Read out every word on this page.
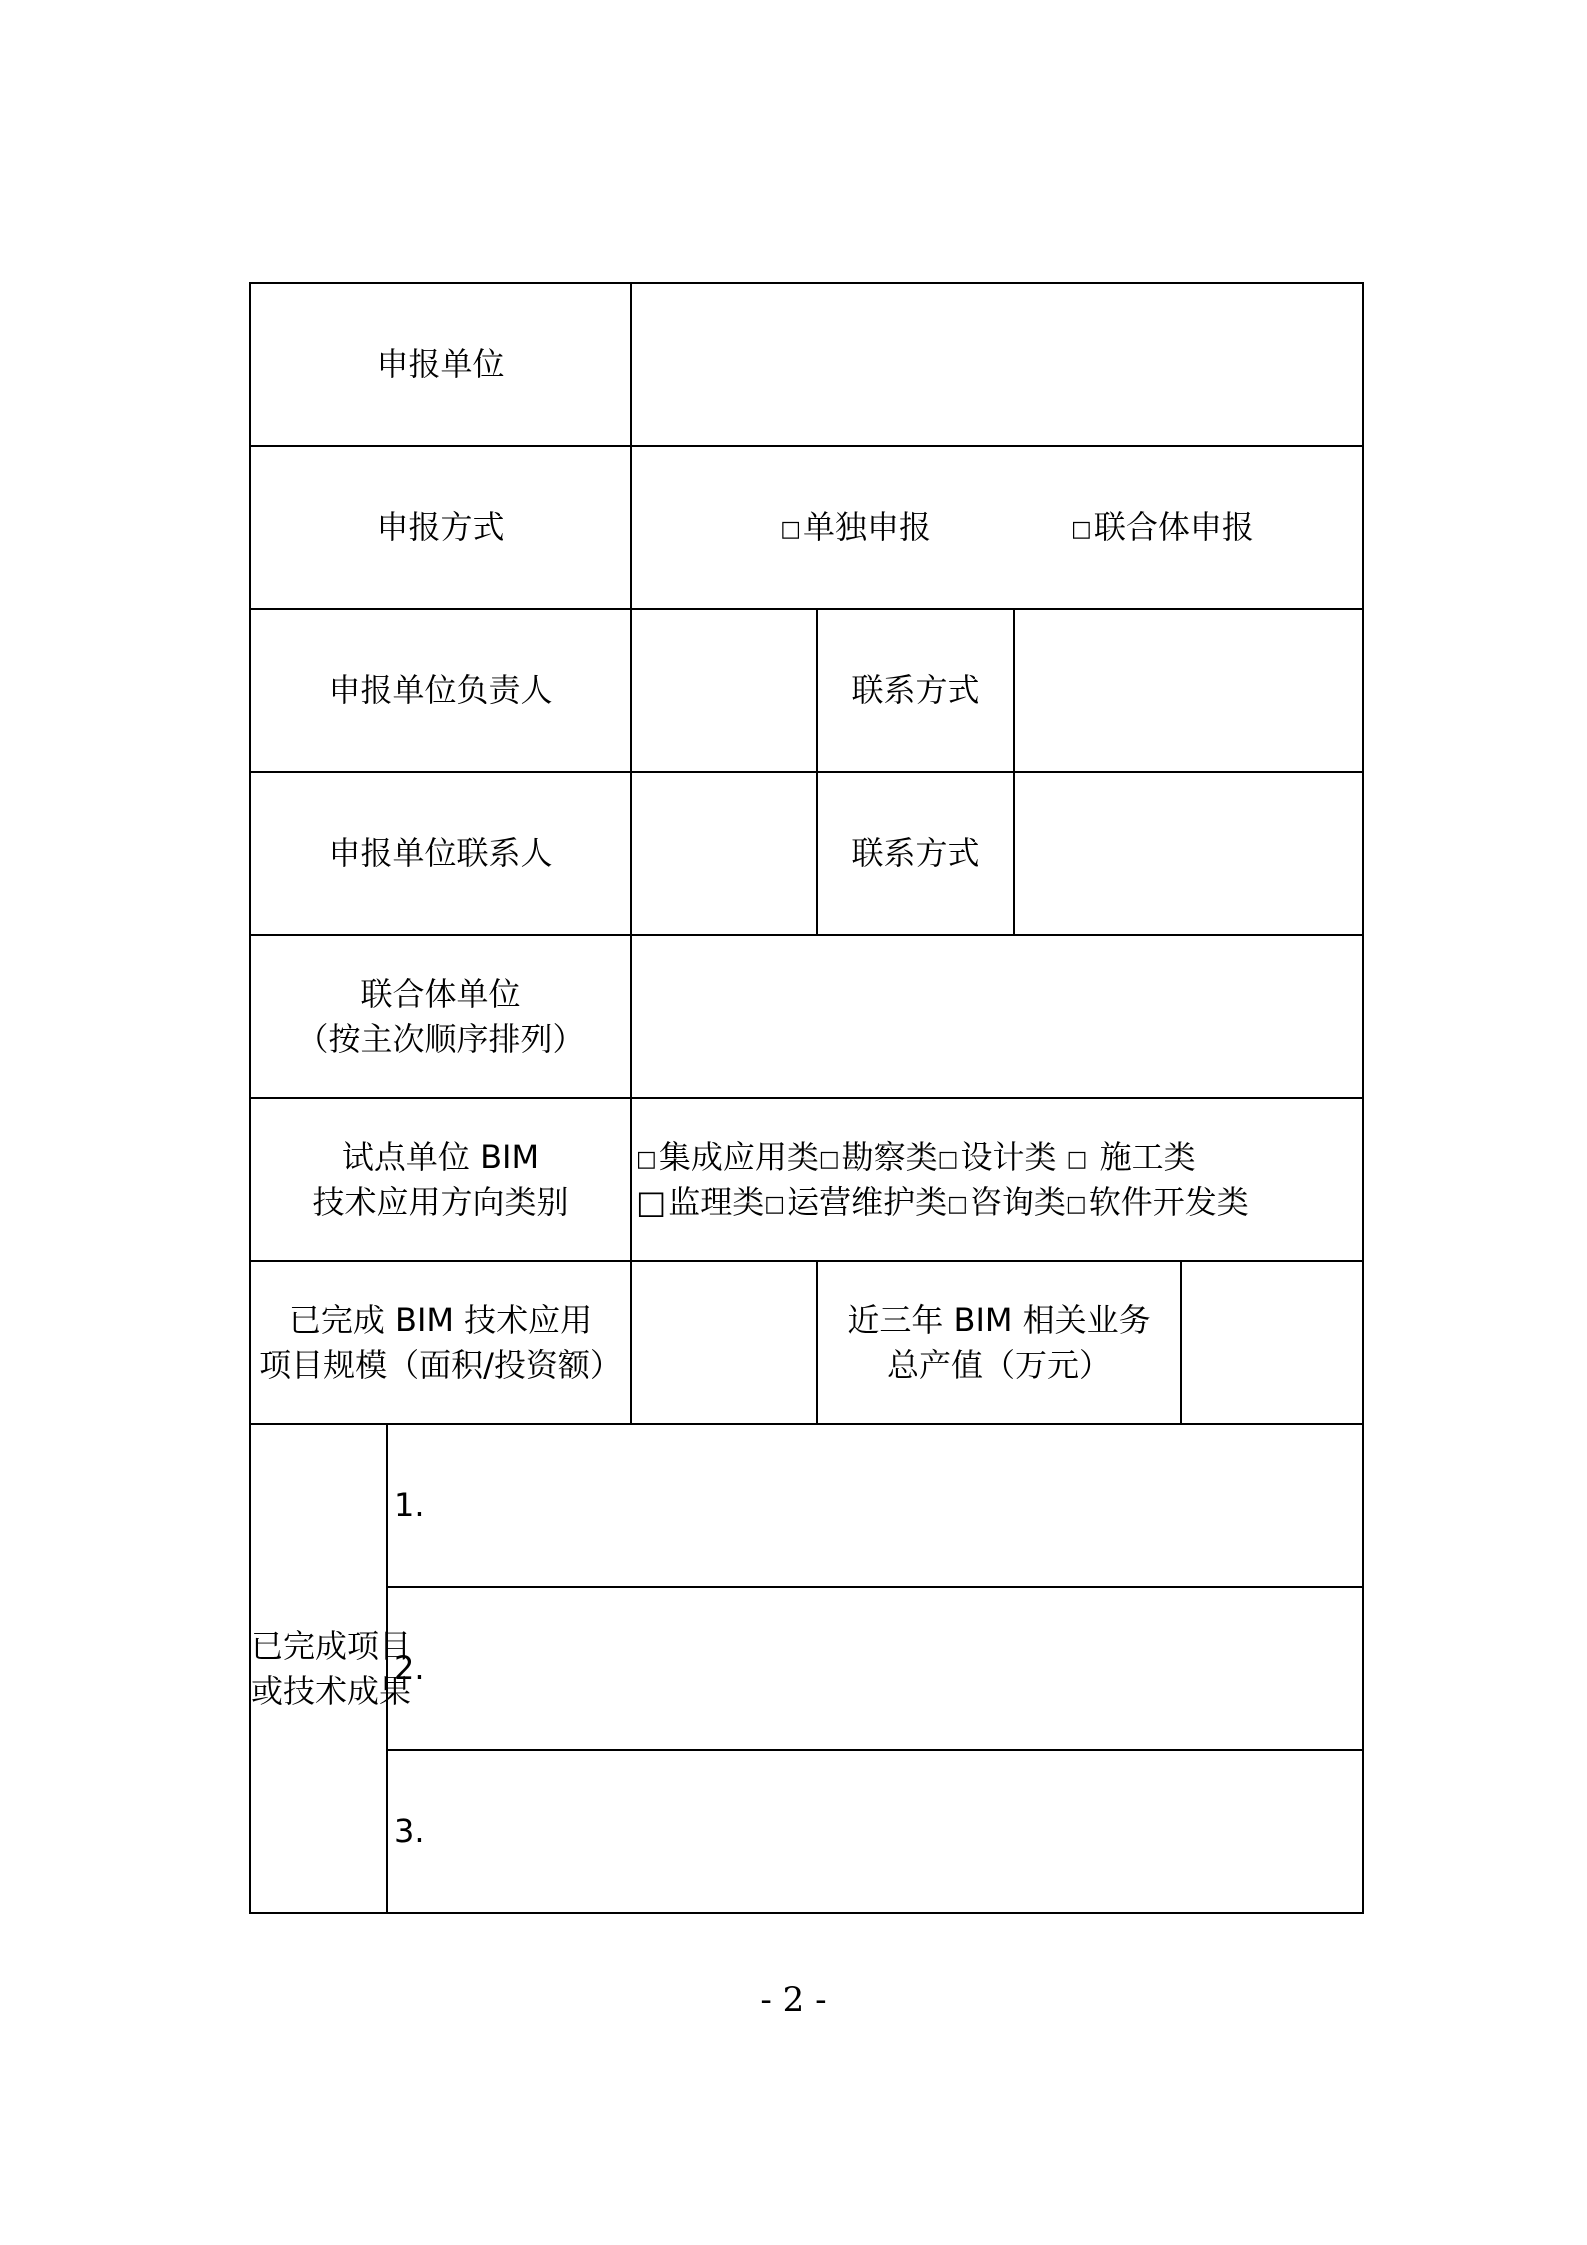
申报单位					
申报方式		□单独申报 □联合体申报			

申报单位负责人			联系方式		
申报单位联系人			联系方式		

联合体单位
（按主次顺序排列）					

试点单位 BIM
技术应用方向类别		□集成应用类□勘察类□设计类 □ 施工类
□监理类□运营维护类□咨询类□软件开发类			

已完成 BIM 技术应用
项目规模（面积/投资额）			近三年 BIM 相关业务
总产值（万元）		

已完成项目
或技术成果	1.				
	2.				
	3.				
- 2 -
